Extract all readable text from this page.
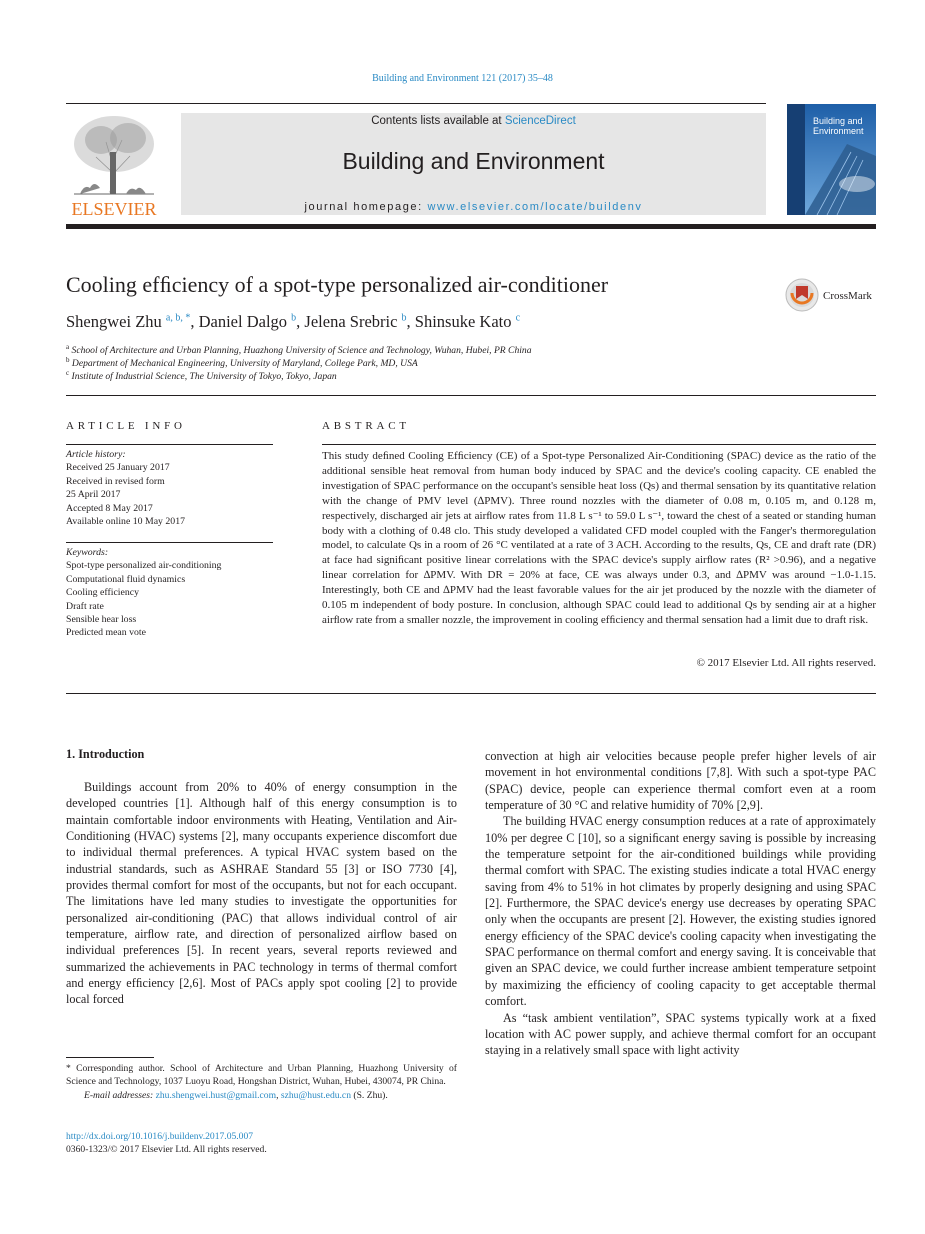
Building and Environment 121 (2017) 35–48
ELSEVIER
Contents lists available at ScienceDirect
Building and Environment
journal homepage: www.elsevier.com/locate/buildenv
Building and
Environment
Cooling efﬁciency of a spot-type personalized air-conditioner	CrossMark
Shengwei Zhu $^{a, b, *}$, Daniel Dalgo $^b$, Jelena Srebric $^b$, Shinsuke Kato $^c$
$^a$ School of Architecture and Urban Planning, Huazhong University of Science and Technology, Wuhan, Hubei, PR China
$^b$ Department of Mechanical Engineering, University of Maryland, College Park, MD, USA
$^c$ Institute of Industrial Science, The University of Tokyo, Tokyo, Japan
ARTICLE INFO
Article history:
Received 25 January 2017
Received in revised form
25 April 2017
Accepted 8 May 2017
Available online 10 May 2017
Keywords:
Spot-type personalized air-conditioning
Computational fluid dynamics
Cooling efficiency
Draft rate
Sensible hear loss
Predicted mean vote
ABSTRACT
This study deﬁned Cooling Efﬁciency (CE) of a Spot-type Personalized Air-Conditioning (SPAC) device as the ratio of the additional sensible heat removal from human body induced by SPAC and the device's cooling capacity. CE enabled the investigation of SPAC performance on the occupant's sensible heat loss (Qs) and thermal sensation by its quantitative relation with the change of PMV level (∆PMV). Three round nozzles with the diameter of 0.08 m, 0.105 m, and 0.128 m, respectively, discharged air jets at airﬂow rates from 11.8 L s⁻¹ to 59.0 L s⁻¹, toward the chest of a seated or standing human body with a clothing of 0.48 clo. This study developed a validated CFD model coupled with the Fanger's thermoregulation model, to calculate Qs in a room of 26 °C ventilated at a rate of 3 ACH. According to the results, Qs, CE and draft rate (DR) at face had signiﬁcant positive linear correlations with the SPAC device's supply airﬂow rates (R² >0.96), and a negative linear correlation for ∆PMV. With DR = 20% at face, CE was always under 0.3, and ∆PMV was around −1.0-1.15. Interestingly, both CE and ∆PMV had the least favorable values for the air jet produced by the nozzle with the diameter of 0.105 m independent of body posture. In conclusion, although SPAC could lead to additional Qs by sending air at a higher airﬂow rate from a smaller nozzle, the improvement in cooling efﬁciency and thermal sensation had a limit due to draft risk.
© 2017 Elsevier Ltd. All rights reserved.
1. Introduction

Buildings account from 20% to 40% of energy consumption in the developed countries [1]. Although half of this energy consumption is to maintain comfortable indoor environments with Heating, Ventilation and Air-Conditioning (HVAC) systems [2], many occupants experience discomfort due to individual thermal preferences. A typical HVAC system based on the industrial standards, such as ASHRAE Standard 55 [3] or ISO 7730 [4], provides thermal comfort for most of the occupants, but not for each occupant. The limitations have led many studies to investigate the opportunities for personalized air-conditioning (PAC) that allows individual control of air temperature, airﬂow rate, and direction of personalized airﬂow based on individual preferences [5]. In recent years, several reports reviewed and summarized the achievements in PAC technology in terms of thermal comfort and energy efﬁciency [2,6]. Most of PACs apply spot cooling [2] to provide local forced

convection at high air velocities because people prefer higher levels of air movement in hot environmental conditions [7,8]. With such a spot-type PAC (SPAC) device, people can experience thermal comfort even at a room temperature of 30 °C and relative humidity of 70% [2,9].

The building HVAC energy consumption reduces at a rate of approximately 10% per degree C [10], so a signiﬁcant energy saving is possible by increasing the temperature setpoint for the air-conditioned buildings while providing thermal comfort with SPAC. The existing studies indicate a total HVAC energy saving from 4% to 51% in hot climates by properly designing and using SPAC [2]. Furthermore, the SPAC device's energy use decreases by operating SPAC only when the occupants are present [2]. However, the existing studies ignored energy efﬁciency of the SPAC device's cooling capacity when investigating the SPAC performance on thermal comfort and energy saving. It is conceivable that given an SPAC device, we could further increase ambient temperature setpoint by maximizing the efﬁciency of cooling capacity to get acceptable thermal comfort.

As “task ambient ventilation”, SPAC systems typically work at a ﬁxed location with AC power supply, and achieve thermal comfort for an occupant staying in a relatively small space with light activity

* Corresponding author. School of Architecture and Urban Planning, Huazhong University of Science and Technology, 1037 Luoyu Road, Hongshan District, Wuhan, Hubei, 430074, PR China.
E-mail addresses: zhu.shengwei.hust@gmail.com, szhu@hust.edu.cn (S. Zhu).
http://dx.doi.org/10.1016/j.buildenv.2017.05.007
0360-1323/© 2017 Elsevier Ltd. All rights reserved.
